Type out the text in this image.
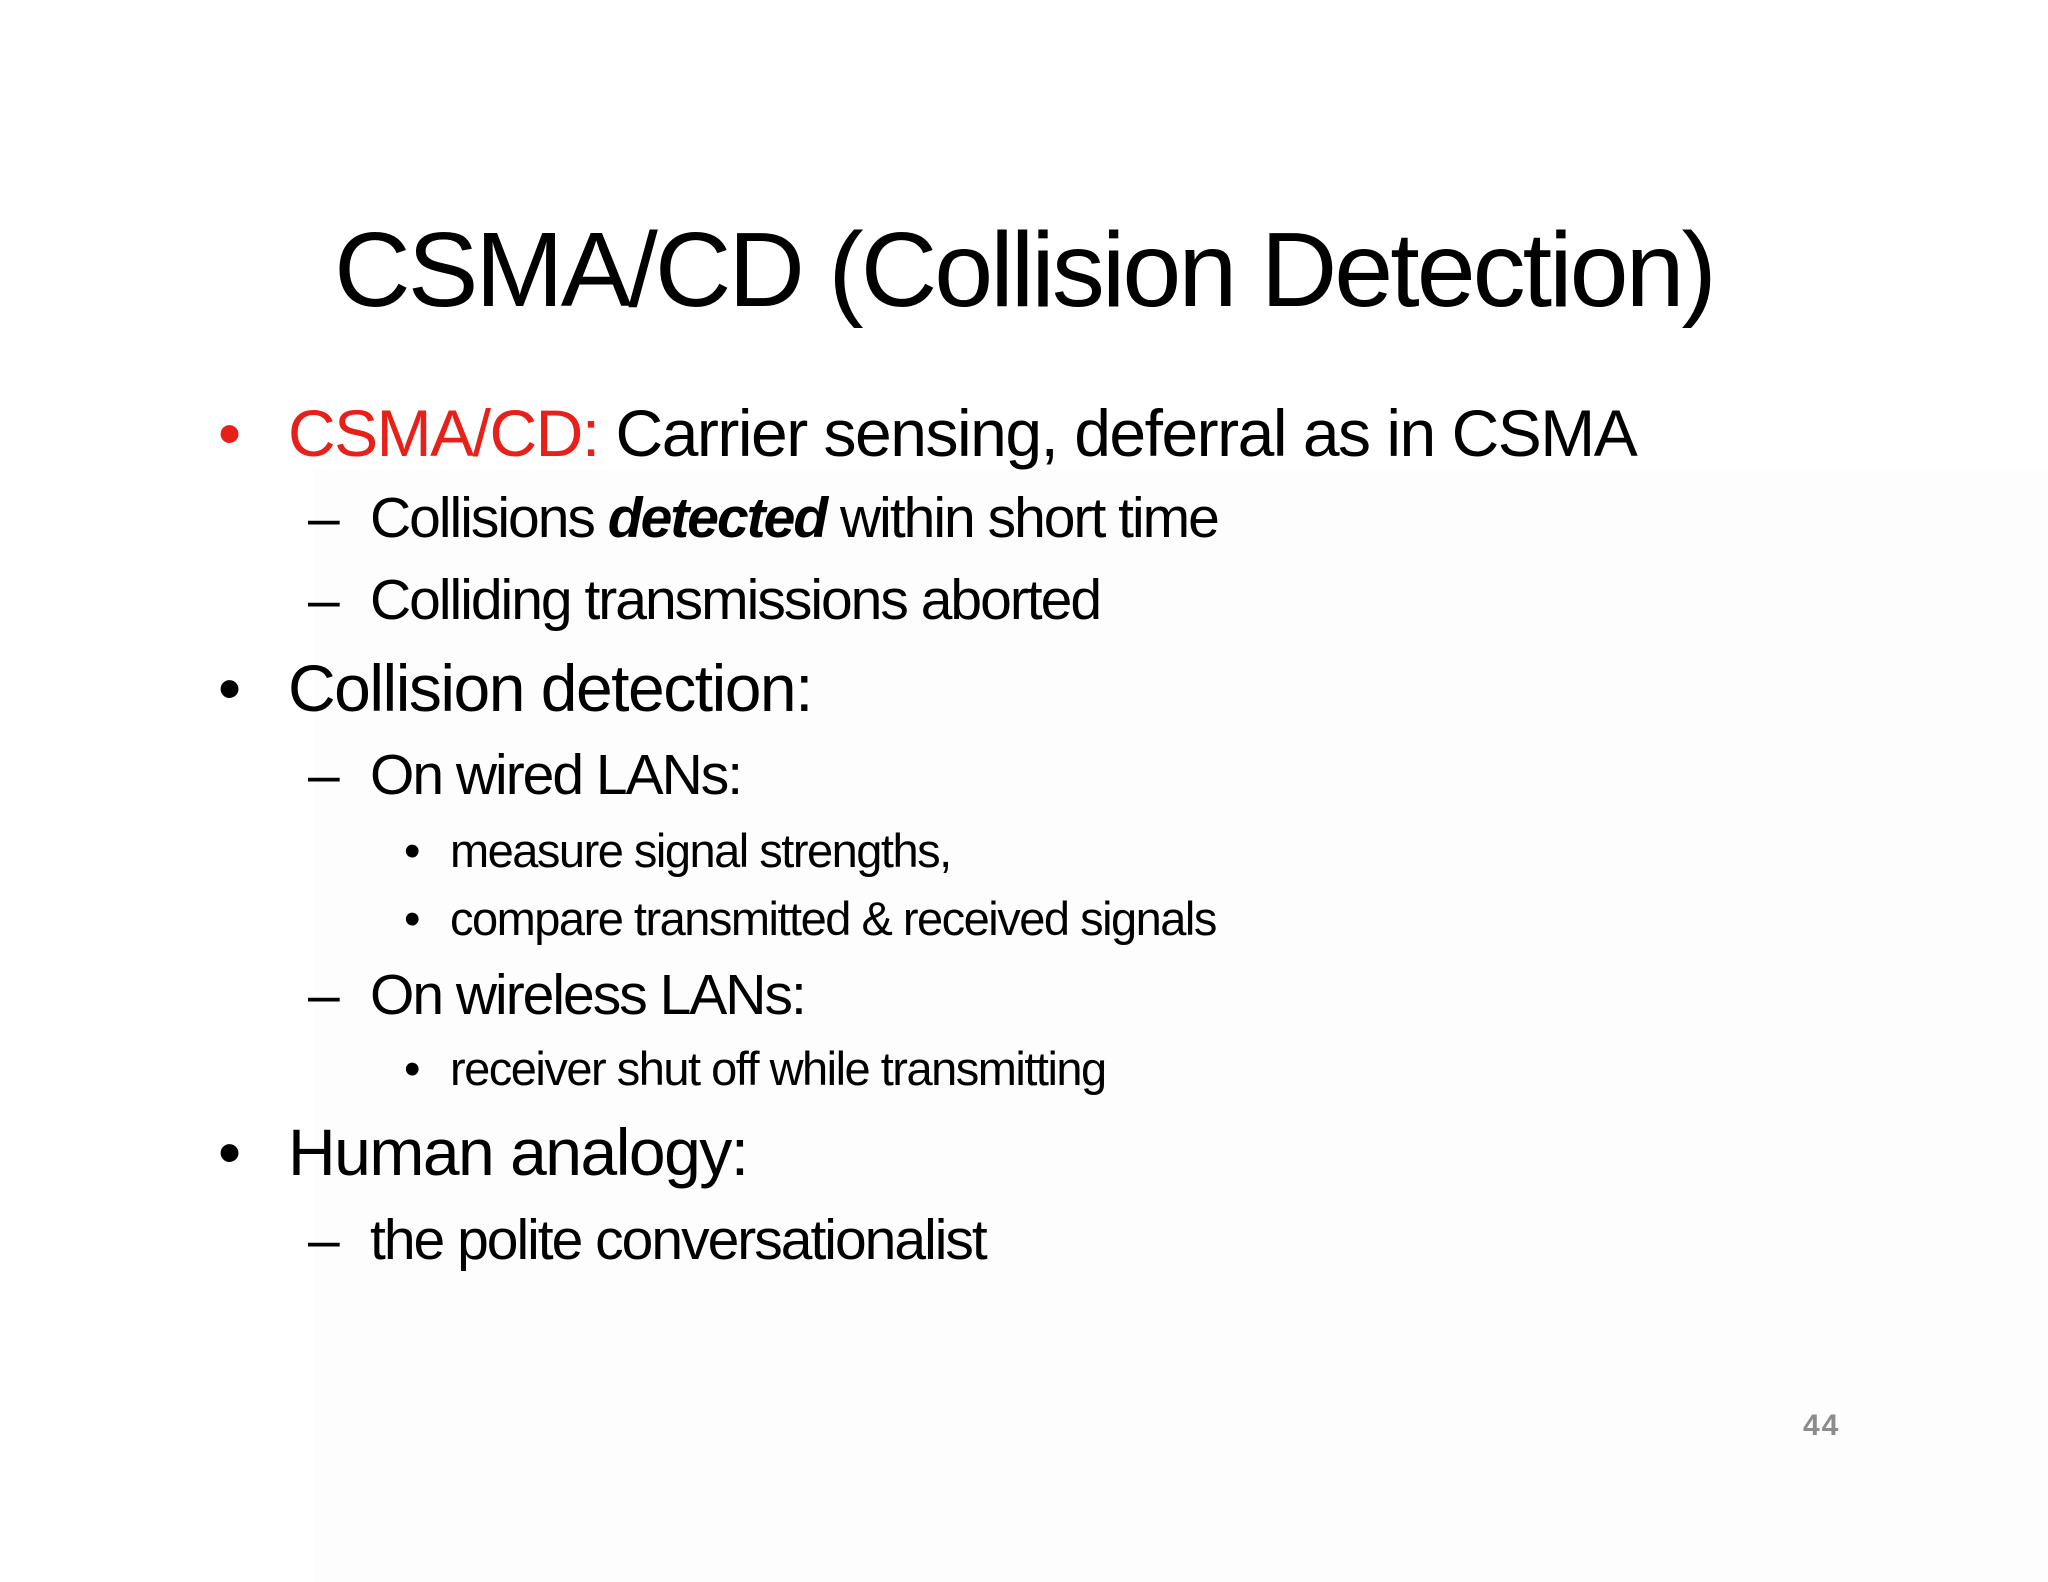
CSMA/CD (Collision Detection)
• CSMA/CD: Carrier sensing, deferral as in CSMA
– Collisions detected within short time
– Colliding transmissions aborted
• Collision detection:
– On wired LANs:
• measure signal strengths,
• compare transmitted & received signals
– On wireless LANs:
• receiver shut off while transmitting
• Human analogy:
– the polite conversationalist
44
